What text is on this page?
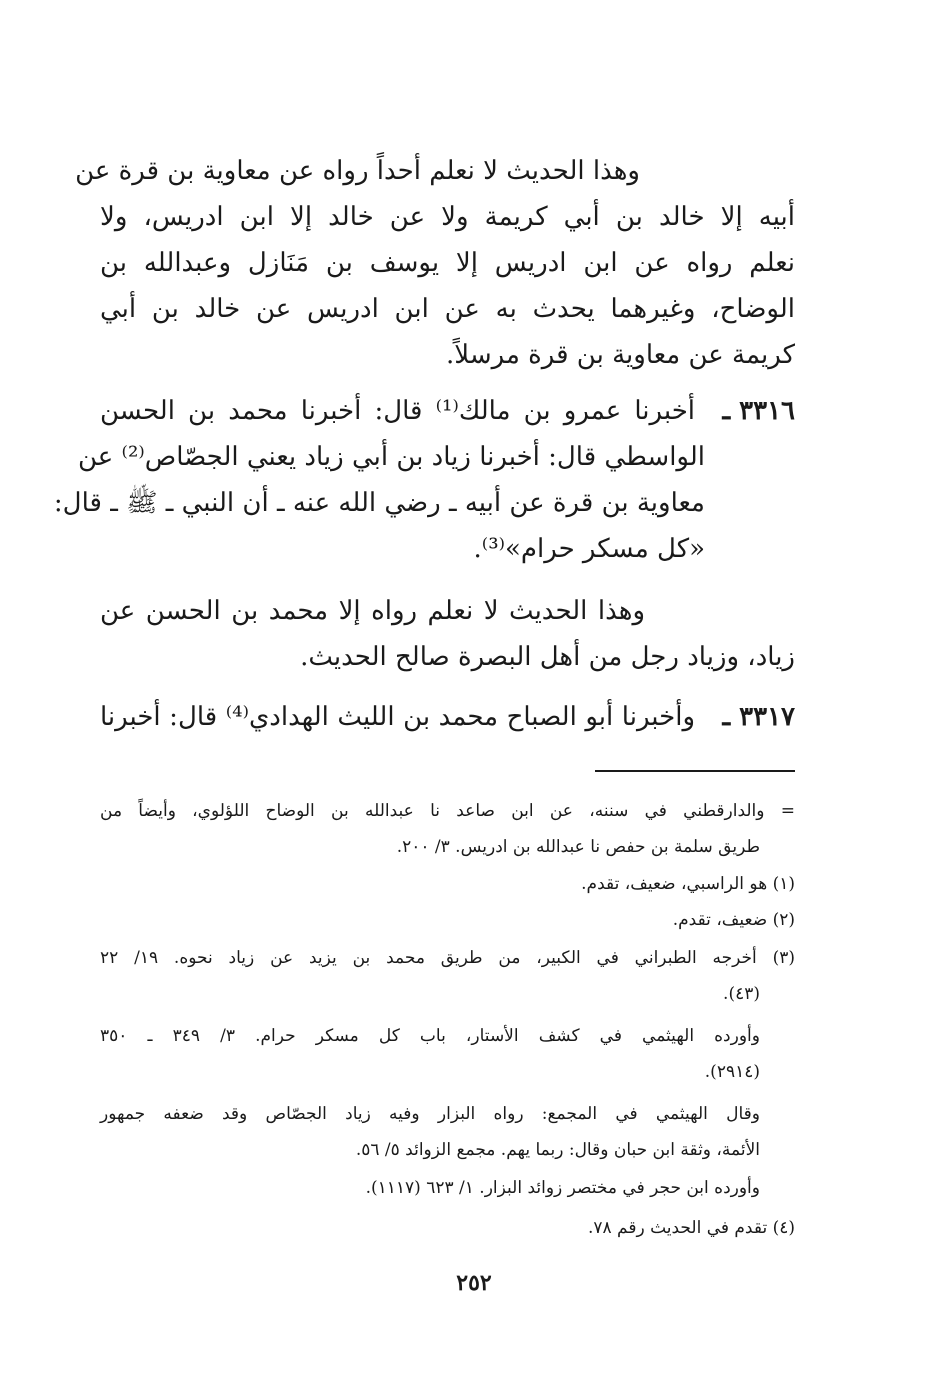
وهذا الحديث لا نعلم أحداً رواه عن معاوية بن قرة عن
أبيه إلا خالد بن أبي كريمة ولا عن خالد إلا ابن ادريس، ولا
نعلم رواه عن ابن ادريس إلا يوسف بن مَنَازل وعبدالله بن
الوضاح، وغيرهما يحدث به عن ابن ادريس عن خالد بن أبي
كريمة عن معاوية بن قرة مرسلاً.
٣٣١٦ ـ
أخبرنا عمرو بن مالك⁽¹⁾ قال: أخبرنا محمد بن الحسن
الواسطي قال: أخبرنا زياد بن أبي زياد يعني الجصّاص⁽²⁾ عن
معاوية بن قرة عن أبيه ـ رضي الله عنه ـ أن النبي ـ ﷺ ـ قال:
«كل مسكر حرام»⁽³⁾.
وهذا الحديث لا نعلم رواه إلا محمد بن الحسن عن
زياد، وزياد رجل من أهل البصرة صالح الحديث.
٣٣١٧ ـ
وأخبرنا أبو الصباح محمد بن الليث الهدادي⁽⁴⁾ قال: أخبرنا
= والدارقطني في سننه، عن ابن صاعد نا عبدالله بن الوضاح اللؤلوي، وأيضاً من
طريق سلمة بن حفص نا عبدالله بن ادريس. ٣/ ٢٠٠.
(١) هو الراسبي، ضعيف، تقدم.
(٢) ضعيف، تقدم.
(٣) أخرجه الطبراني في الكبير، من طريق محمد بن يزيد عن زياد نحوه. ١٩/ ٢٢
(٤٣).
وأورده الهيثمي في كشف الأستار، باب كل مسكر حرام. ٣/ ٣٤٩ ـ ٣٥٠
(٢٩١٤).
وقال الهيثمي في المجمع: رواه البزار وفيه زياد الجصّاص وقد ضعفه جمهور
الأئمة، وثقة ابن حبان وقال: ربما يهم. مجمع الزوائد ٥/ ٥٦.
وأورده ابن حجر في مختصر زوائد البزار. ١/ ٦٢٣ (١١١٧).
(٤) تقدم في الحديث رقم ٧٨.
٢٥٢
